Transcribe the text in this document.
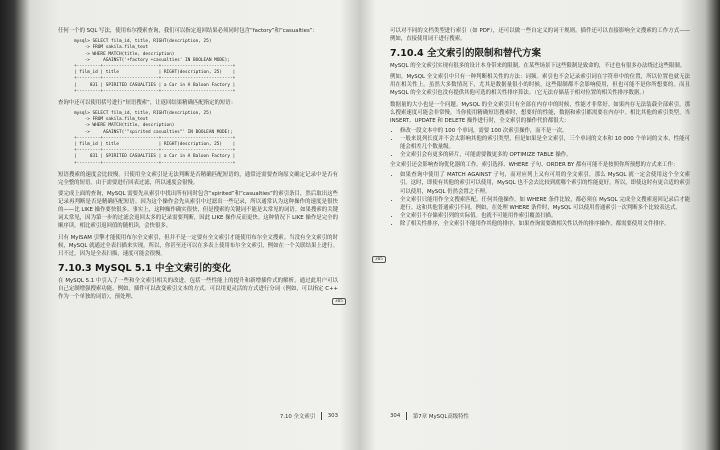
任何一个的 SQL 写法，使用布尔搜索查询，我们可以指定返回结果必须同时包含“factory”和“casualties”：

mysql> SELECT film_id, title, RIGHT(description, 25)
-> FROM sakila.film_text
-> WHERE MATCH(title, description)
->     AGAINST('+factory +casualties' IN BOOLEAN MODE);
+---------+---------------------+---------------------------+
| film_id | title               | RIGHT(description, 25)    |
+---------+---------------------+---------------------------+
|     831 | SPIRITED CASUALTIES | a Car in A Baloon Factory |
+---------+---------------------+---------------------------+

查询中还可以使用括号进行“短语搜索”，让返回结果精确匹配指定的短语：

mysql> SELECT film_id, title, RIGHT(description, 25)
-> FROM sakila.film_text
-> WHERE MATCH(title, description)
->     AGAINST('"spirited casualties"' IN BOOLEAN MODE);
+---------+---------------------+---------------------------+
| film_id | title               | RIGHT(description, 25)    |
+---------+---------------------+---------------------------+
|     831 | SPIRITED CASUALTIES | a Car in A Baloon Factory |
+---------+---------------------+---------------------------+

短语搜索的速度会比较慢。只使用全文索引是无法判断是否精确匹配短语的，通常还需要查询原文确定记录中是否有完全整的短语。由于需要进行回表过滤，所以速度会很慢。

要完成上面的查询，MySQL 需要先从索引中找出所有同时包含“spirited”和“casualties”的索引条目，然后取出这些记录再判断是否是精确匹配短语。因为这个操作会先从索引中过滤出一些记录，所以通常认为这种操作的速度是很快的——比 LIKE 操作要快很多。事实上，这种操作确实很快，但是搜索的关键词不能是太常见的词语。如果搜索的关键词太常见，因为第一步的过滤会返回太多的记录需要判断，因此 LIKE 操作反而更快。这种情况下 LIKE 操作是完全的顺序读，相比索引返回值的随机读，会快很多。

只有 MyISAM 引擎才能使用布尔全文索引，但并不是一定要有全文索引才能使用布尔全文搜索。当没有全文索引的时候，MySQL 就通过全表扫描来实现。所以，你甚至还可以在多表上使用布尔全文索引，例如在一个关联结果上进行。只不过，因为是全表扫描，速度可能会很慢。

7.10.3 MySQL 5.1 中全文索引的变化

在 MySQL 5.1 中引入了一些和全文索引相关的改进。包括一些性能上的提升和新增插件式的解析，通过此用户可以自己定制增强搜索功能。例如，插件可以改变索引文本的方式。可以用更灵活的方式进行分词（例如，可以指定 C++ 作为一个单独的词语），预处理、

7.10 全文索引 303
305

可以对不同的文档类型进行索引（如 PDF），还可以做一些自定义的词干规则。插件还可以直接影响全文搜索的工作方式——例如，直接使用词干进行搜索。

7.10.4 全文索引的限制和替代方案

MySQL 的全文索引实现有很多的设计本身带来的限制。在某些场景下这些限制是致命的，不过也有很多办法绕过这些限制。

例如，MySQL 全文索引中只有一种判断相关性的方法：词频。索引也不会记录索引词在字符串中的位置，所以位置也就无法用在相关性上。虽然大多数情况下，尤其是数据量很小的时候，这些限制都不会影响使用，但也可能不是你所想要的。而且 MySQL 的全文索引也没有提供其他可选的相关性排序算法。（它无法存储基于相对位置的相关性排序数据。）

数据量的大小也是一个问题。MySQL 的全文索引只有全部在内存中的时候，性能才非常好。如果内存无法装载全部索引，那么搜索速度可能会非常慢。当你使用精确短语搜索时，想要好的性能，数据和索引都需要在内存中。相比其他的索引类型，当 INSERT、UPDATE 和 DELETE 操作进行时，全文索引的操作代价都很大：

• 修改一段文本中的 100 个单词，需要 100 次索引操作，而不是一次。
• 一般来说列长度并不会太影响其他的索引类型，但是如果是全文索引，三个单词的文本和 10 000 个单词的文本，性能可能会相差几个数量级。
• 全文索引会有更多的碎片，可能需要做更多的 OPTIMIZE TABLE 操作。

全文索引还会影响查询优化器的工作。索引选择、WHERE 子句、ORDER BY 都有可能不是按照你所预想的方式来工作：

• 如果查询中使用了 MATCH AGAINST 子句，而对应列上又有可用的全文索引，那么 MySQL 就一定会使用这个全文索引。这时，即使有其他的索引可以使用，MySQL 也不会去比较到底哪个索引的性能更好。所以，即使这时有更合适的索引可以使用，MySQL 仍然会置之不理。
• 全文索引只能用作全文搜索匹配。任何其他操作，如 WHERE 条件比较，都必须在 MySQL 完成全文搜索返回记录后才能进行。这和其他普通索引不同，例如，在处理 WHERE 条件时，MySQL 可以使用普通索引一次判断多个比较表达式。
• 全文索引不存储索引列的实际值。也就不可能用作索引覆盖扫描。
• 除了相关性排序，全文索引不能用作其他的排序。如果查询需要做相关性以外的排序操作，都需要使用文件排序。
304 第7章 MySQL高级特性
305
